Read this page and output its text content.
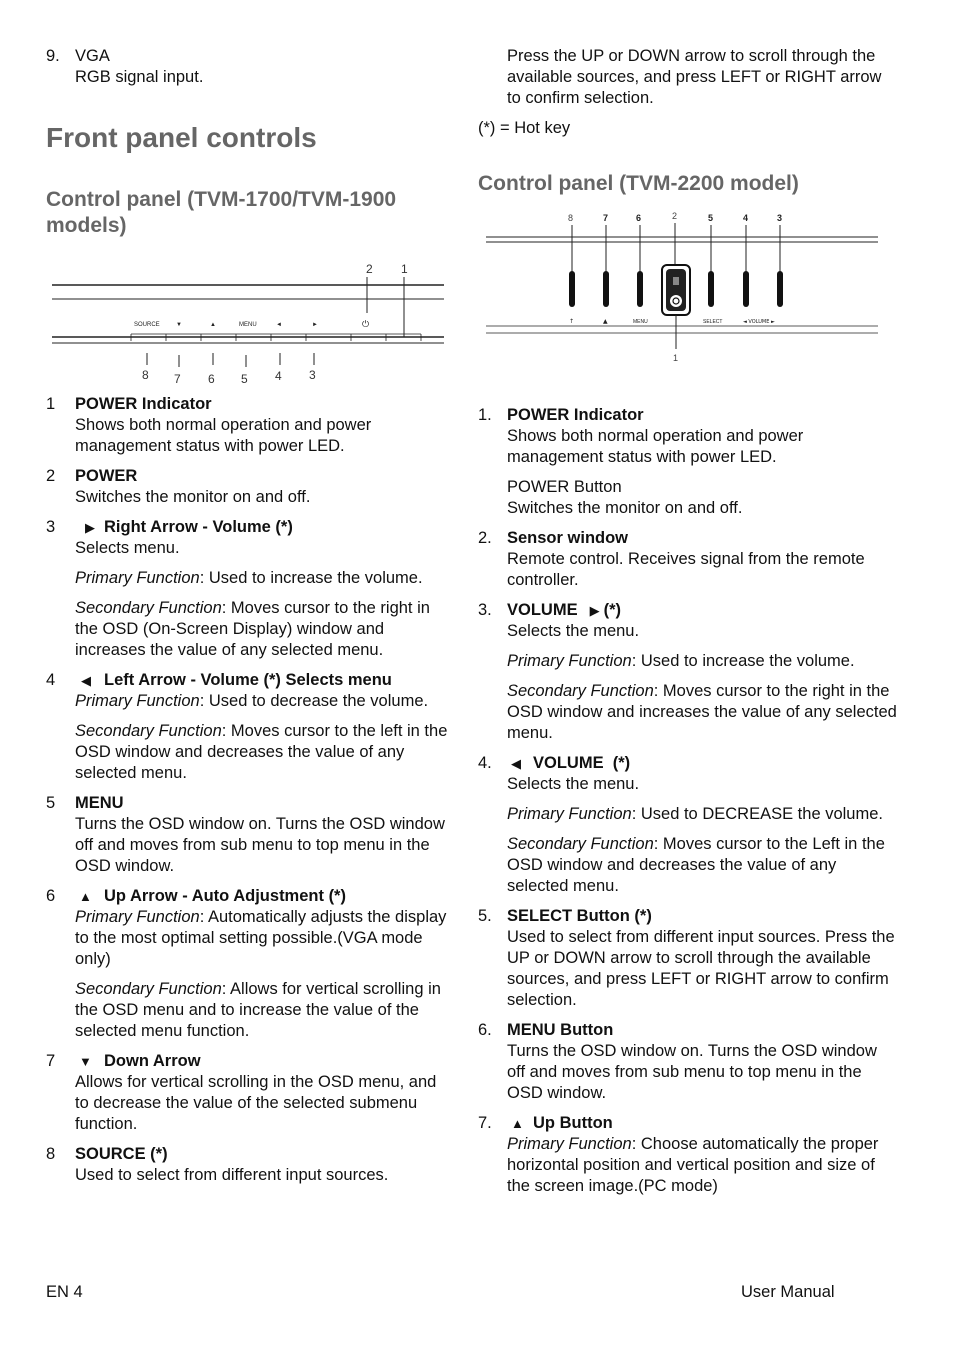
9. VGA

RGB signal input.

Front panel controls
Control panel (TVM-1700/TVM-1900 models)
2 1
SOURCE	▼	▲	MENU	◄	►	⏻
8 7 6 5 4 3
1 POWER Indicator

Shows both normal operation and power management status with power LED.

2 POWER

Switches the monitor on and off.

3	▶ Right Arrow - Volume (*)

Selects menu.

Primary Function: Used to increase the volume.

Secondary Function: Moves cursor to the right in the OSD (On-Screen Display) window and increases the value of any selected menu.

4	◀ Left Arrow - Volume (*) Selects menu

Primary Function: Used to decrease the volume.

Secondary Function: Moves cursor to the left in the OSD window and decreases the value of any selected menu.

5 MENU

Turns the OSD window on. Turns the OSD window off and moves from sub menu to top menu in the OSD window.

6	▲ Up Arrow - Auto Adjustment (*)

Primary Function: Automatically adjusts the display to the most optimal setting possible.(VGA mode only)

Secondary Function: Allows for vertical scrolling in the OSD menu and to increase the value of the selected menu function.

7	▼ Down Arrow

Allows for vertical scrolling in the OSD menu, and to decrease the value of the selected submenu function.

8 SOURCE (*)

Used to select from different input sources.

Press the UP or DOWN arrow to scroll through the available sources, and press LEFT or RIGHT arrow to confirm selection.

(*) = Hot key

Control panel (TVM-2200 model)
8	7	6	2	5	4	3
1
↑	▲	MENU	SELECT	◄ VOLUME ►
1. POWER Indicator

Shows both normal operation and power management status with power LED.

POWER Button

Switches the monitor on and off.

2. Sensor window

Remote control. Receives signal from the remote controller.

3. VOLUME ▶ (*)

Selects the menu.

Primary Function: Used to increase the volume.

Secondary Function: Moves cursor to the right in the OSD window and increases the value of any selected menu.

4.	◀ VOLUME  (*)

Selects the menu.

Primary Function: Used to DECREASE the volume.

Secondary Function: Moves cursor to the Left in the OSD window and decreases the value of any selected menu.

5. SELECT Button (*)

Used to select from different input sources. Press the UP or DOWN arrow to scroll through the available sources, and press LEFT or RIGHT arrow to confirm selection.

6. MENU Button

Turns the OSD window on. Turns the OSD window off and moves from sub menu to top menu in the OSD window.

7.	▲ Up Button

Primary Function: Choose automatically the proper horizontal position and vertical position and size of the screen image.(PC mode)

EN 4	User Manual
